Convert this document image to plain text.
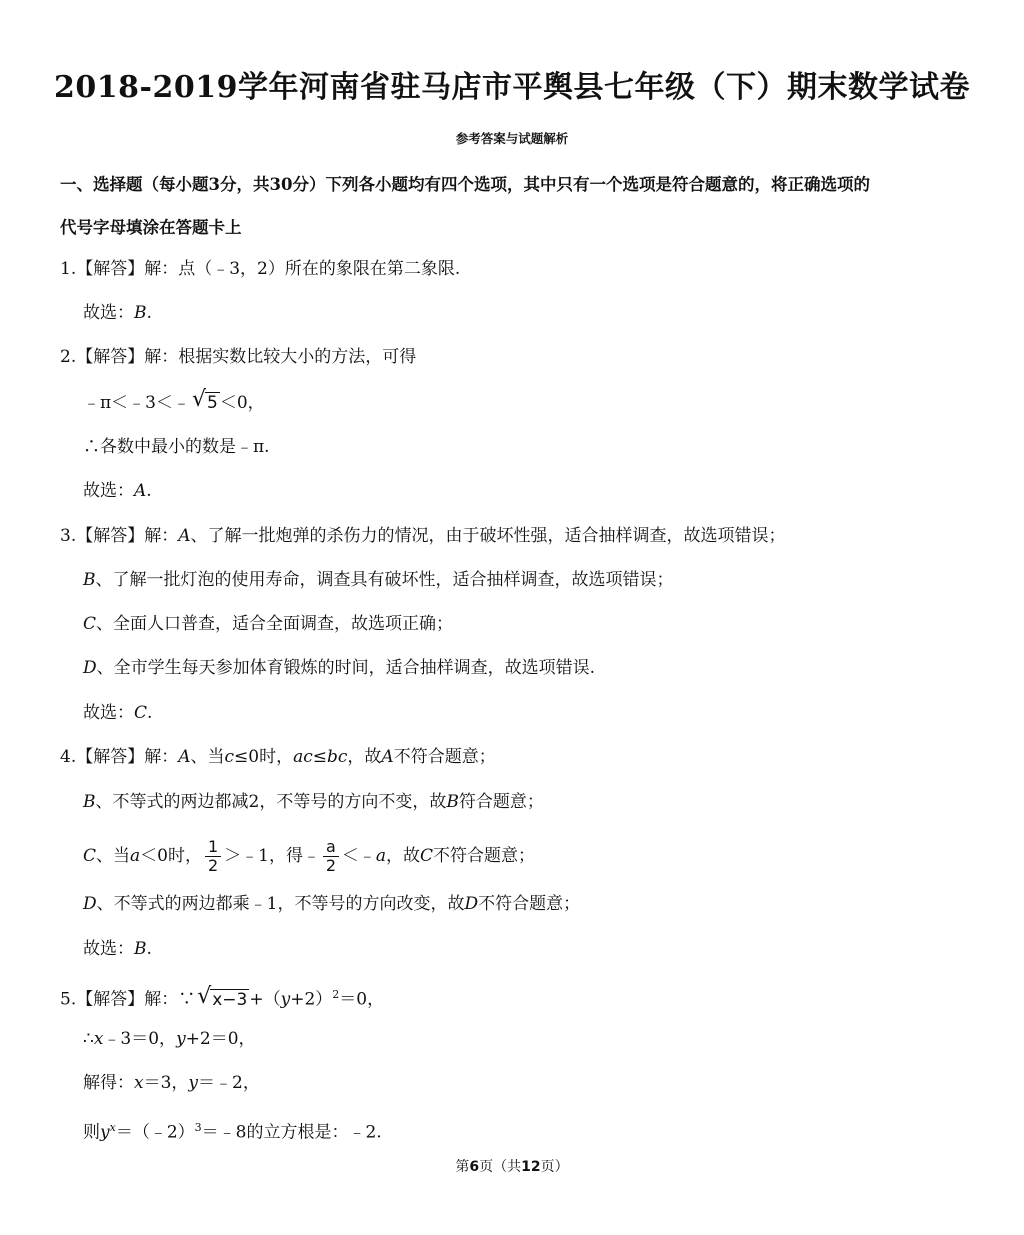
2018-2019学年河南省驻马店市平舆县七年级（下）期末数学试卷
参考答案与试题解析
一、选择题（每小题3分，共30分）下列各小题均有四个选项，其中只有一个选项是符合题意的，将正确选项的
代号字母填涂在答题卡上
1.【解答】解：点（﹣3，2）所在的象限在第二象限.
故选：B.
2.【解答】解：根据实数比较大小的方法，可得
﹣π＜﹣3＜﹣ √ 5 ＜0，
∴各数中最小的数是﹣π.
故选：A.
3.【解答】解：A、了解一批炮弹的杀伤力的情况，由于破坏性强，适合抽样调查，故选项错误；
B、了解一批灯泡的使用寿命，调查具有破坏性，适合抽样调查，故选项错误；
C、全面人口普查，适合全面调查，故选项正确；
D、全市学生每天参加体育锻炼的时间，适合抽样调查，故选项错误.
故选：C.
4.【解答】解：A、当c≤0时，ac≤bc，故A不符合题意；
B、不等式的两边都减2，不等号的方向不变，故B符合题意；
C、当a＜0时， $\frac{1}{2}$ ＞﹣1，得﹣ $\frac{a}{2}$ ＜﹣a，故C不符合题意；
D、不等式的两边都乘﹣1，不等号的方向改变，故D不符合题意；
故选：B.
5.【解答】解：∵ √ $x-3 +(y+2)^2=0$，
∴x﹣3＝0，y+2＝0，
解得：x＝3，y＝﹣2，
则$y^x=(﹣2)^3=﹣8$的立方根是：﹣2.
第6页（共12页）
